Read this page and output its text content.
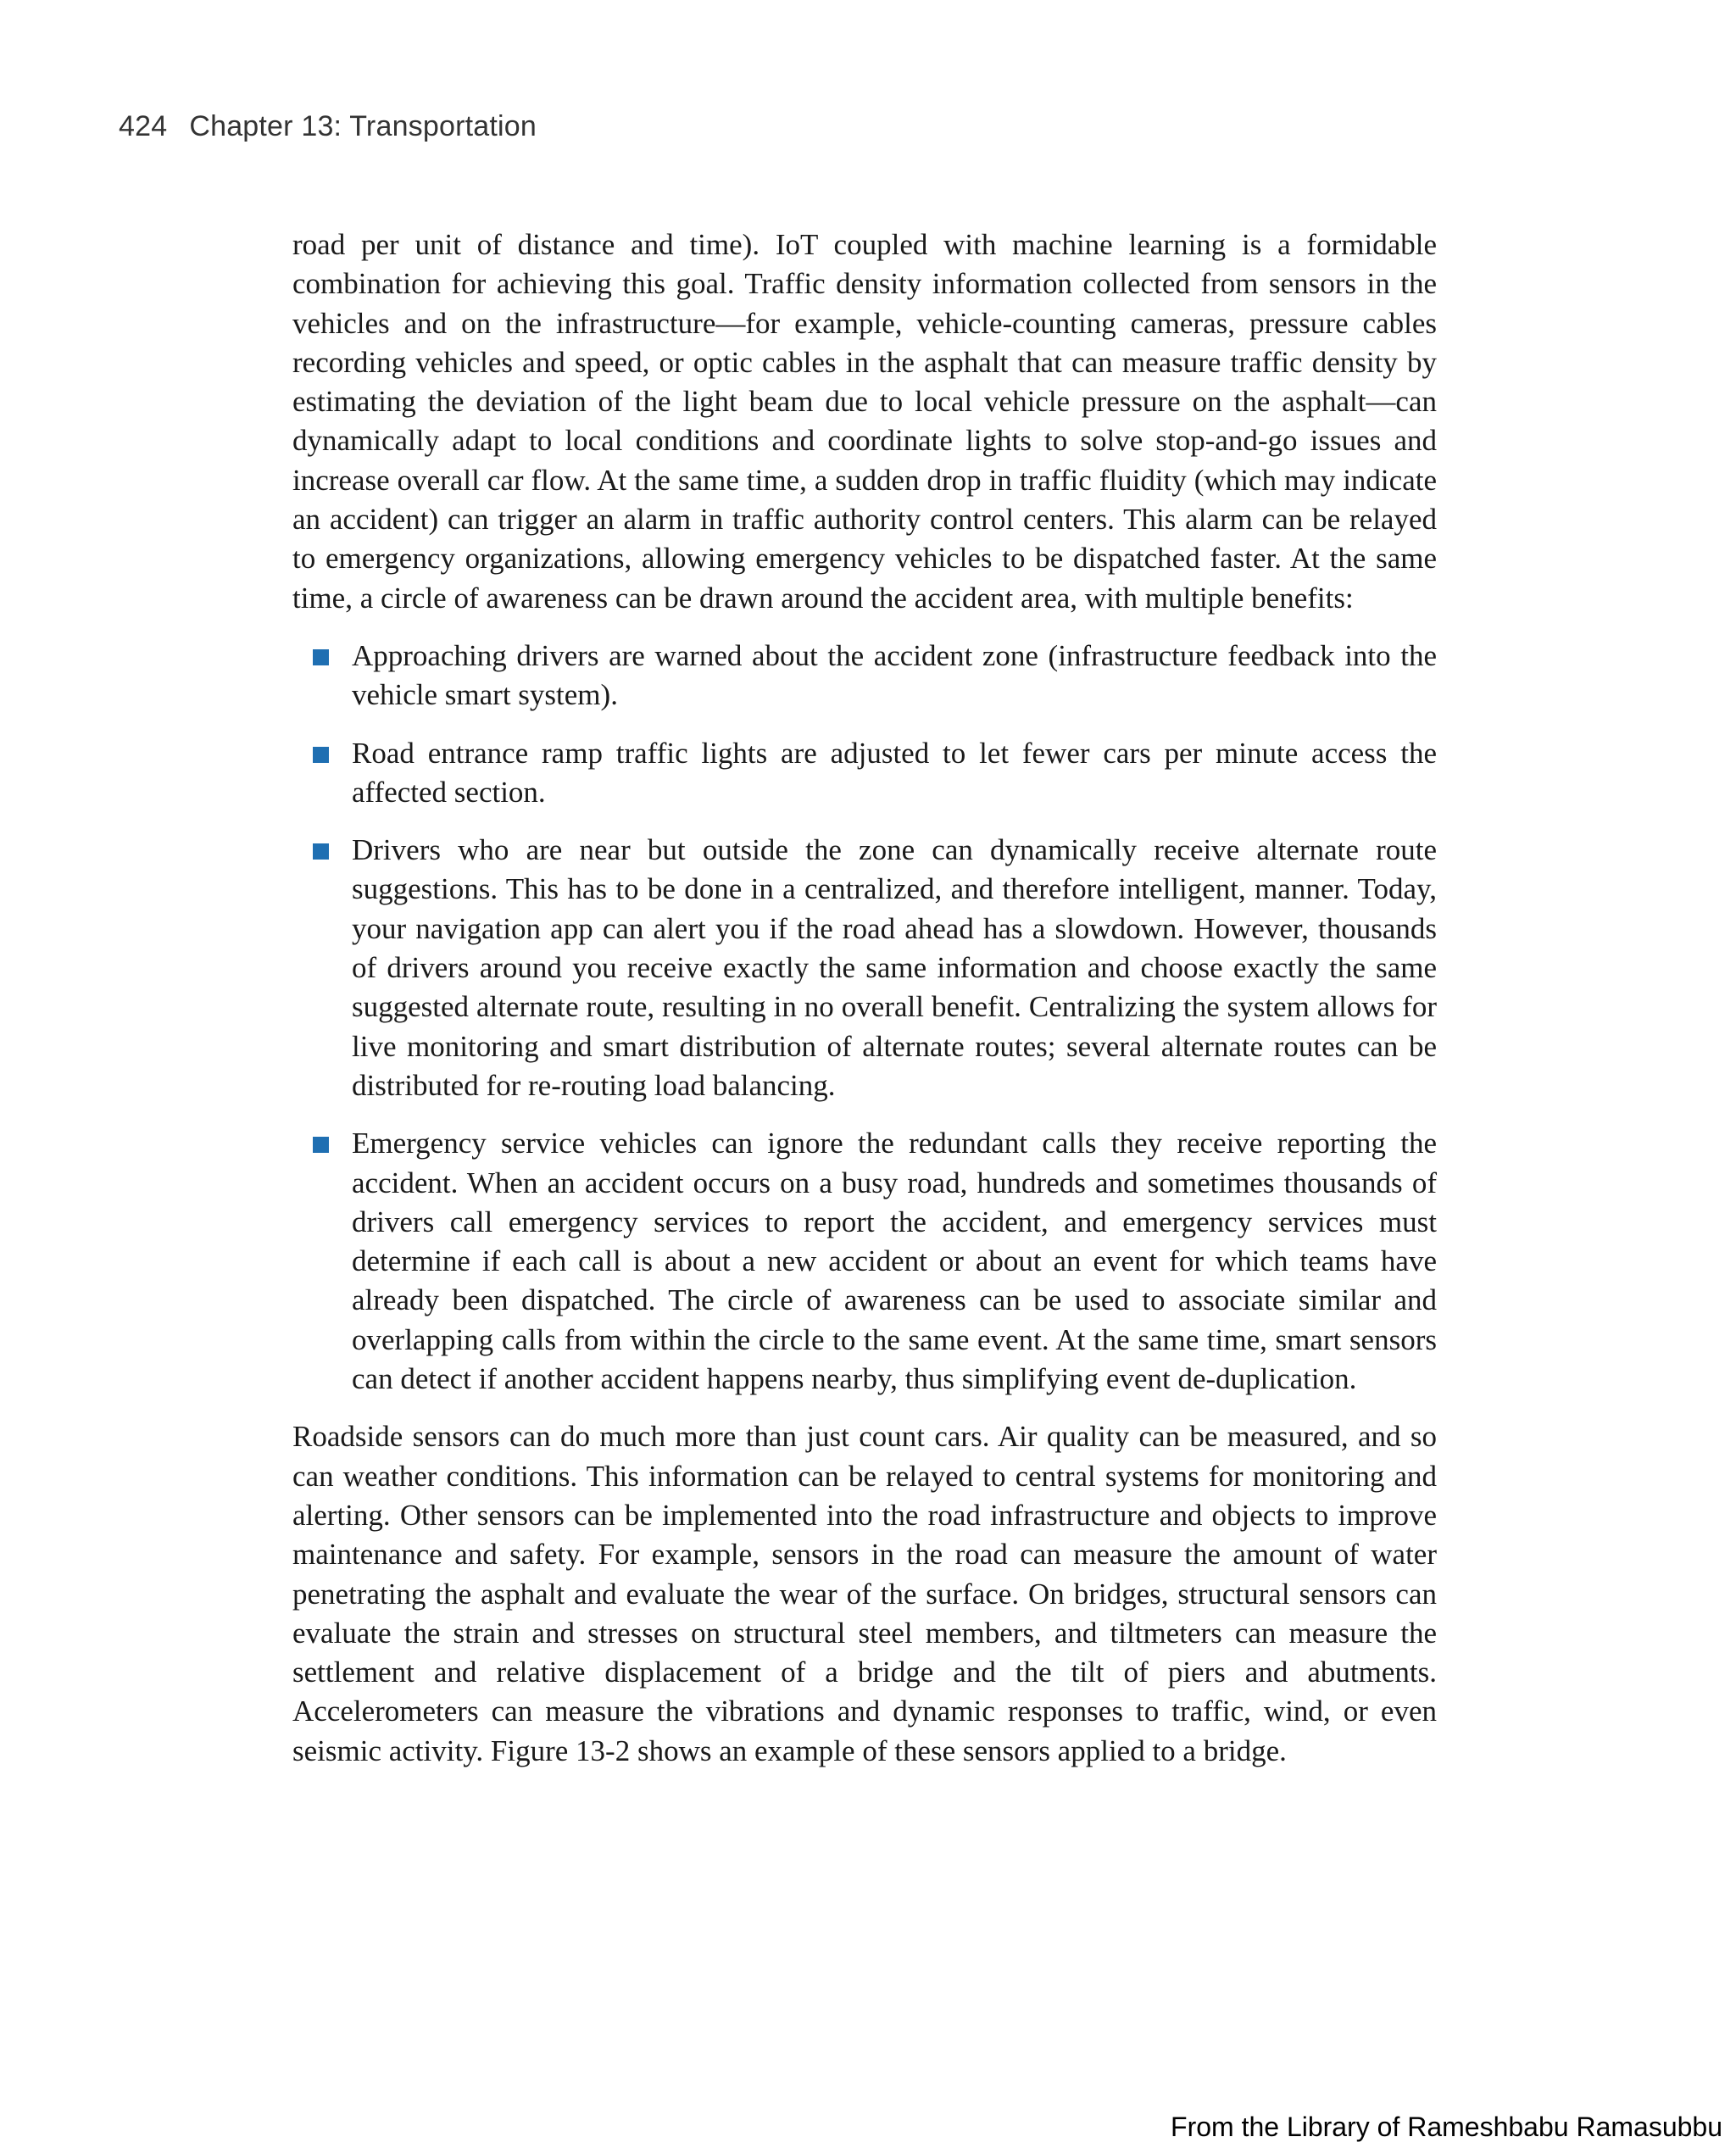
424 Chapter 13: Transportation

road per unit of distance and time). IoT coupled with machine learning is a formidable combination for achieving this goal. Traffic density information collected from sensors in the vehicles and on the infrastructure—for example, vehicle-counting cameras, pressure cables recording vehicles and speed, or optic cables in the asphalt that can measure traffic density by estimating the deviation of the light beam due to local vehicle pressure on the asphalt—can dynamically adapt to local conditions and coordinate lights to solve stop-and-go issues and increase overall car flow. At the same time, a sudden drop in traffic fluidity (which may indicate an accident) can trigger an alarm in traffic authority control centers. This alarm can be relayed to emergency organizations, allowing emergency vehicles to be dispatched faster. At the same time, a circle of awareness can be drawn around the accident area, with multiple benefits:

Approaching drivers are warned about the accident zone (infrastructure feedback into the vehicle smart system).
Road entrance ramp traffic lights are adjusted to let fewer cars per minute access the affected section.
Drivers who are near but outside the zone can dynamically receive alternate route suggestions. This has to be done in a centralized, and therefore intelligent, manner. Today, your navigation app can alert you if the road ahead has a slowdown. However, thousands of drivers around you receive exactly the same information and choose exactly the same suggested alternate route, resulting in no overall benefit. Centralizing the system allows for live monitoring and smart distribution of alternate routes; several alternate routes can be distributed for re-routing load balancing.
Emergency service vehicles can ignore the redundant calls they receive reporting the accident. When an accident occurs on a busy road, hundreds and sometimes thousands of drivers call emergency services to report the accident, and emergency services must determine if each call is about a new accident or about an event for which teams have already been dispatched. The circle of awareness can be used to associate similar and overlapping calls from within the circle to the same event. At the same time, smart sensors can detect if another accident happens nearby, thus simplifying event de-duplication.

Roadside sensors can do much more than just count cars. Air quality can be measured, and so can weather conditions. This information can be relayed to central systems for monitoring and alerting. Other sensors can be implemented into the road infrastructure and objects to improve maintenance and safety. For example, sensors in the road can measure the amount of water penetrating the asphalt and evaluate the wear of the surface. On bridges, structural sensors can evaluate the strain and stresses on structural steel members, and tiltmeters can measure the settlement and relative displacement of a bridge and the tilt of piers and abutments. Accelerometers can measure the vibrations and dynamic responses to traffic, wind, or even seismic activity. Figure 13-2 shows an example of these sensors applied to a bridge.

From the Library of Rameshbabu Ramasubbu
